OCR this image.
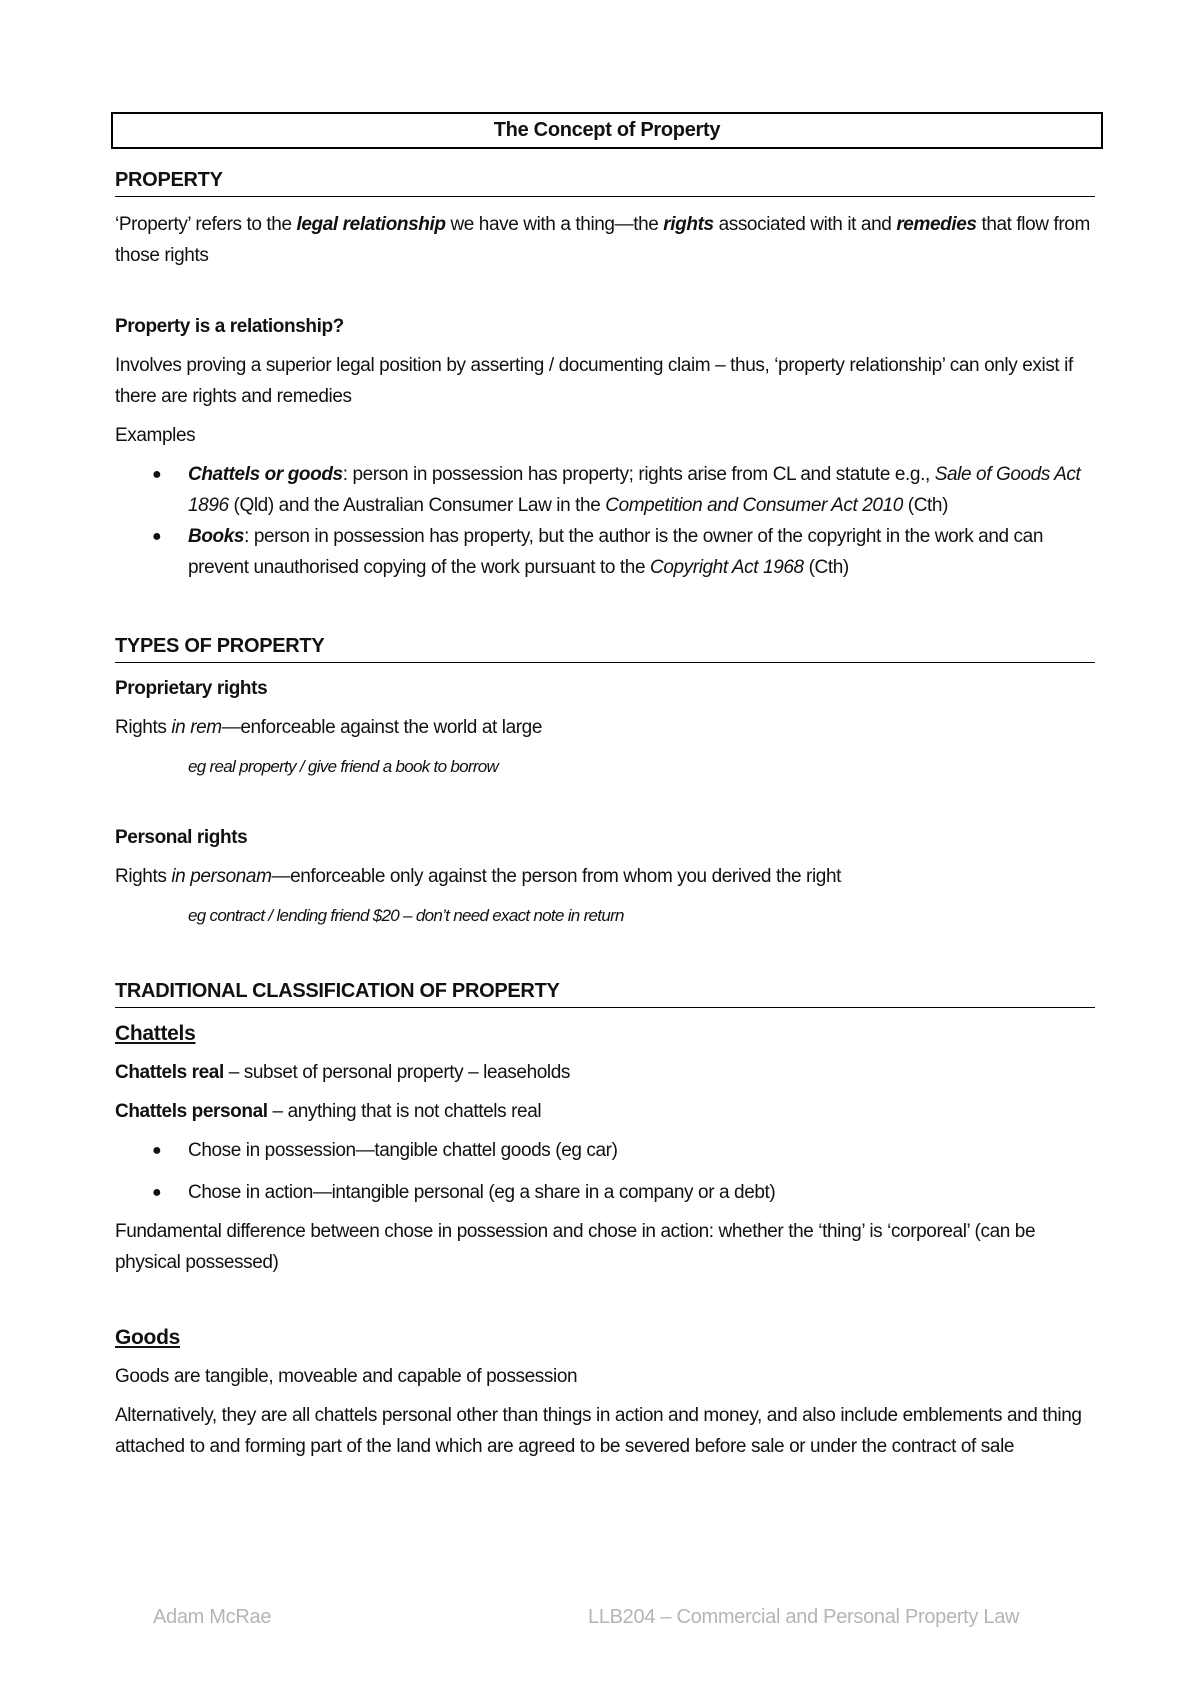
The Concept of Property
PROPERTY

‘Property’ refers to the legal relationship we have with a thing—the rights associated with it and remedies that flow from those rights

Property is a relationship?

Involves proving a superior legal position by asserting / documenting claim – thus, ‘property relationship’ can only exist if there are rights and remedies

Examples

● Chattels or goods: person in possession has property; rights arise from CL and statute e.g., Sale of Goods Act 1896 (Qld) and the Australian Consumer Law in the Competition and Consumer Act 2010 (Cth)
● Books: person in possession has property, but the author is the owner of the copyright in the work and can prevent unauthorised copying of the work pursuant to the Copyright Act 1968 (Cth)
TYPES OF PROPERTY
Proprietary rights

Rights in rem—enforceable against the world at large

eg real property / give friend a book to borrow

Personal rights

Rights in personam—enforceable only against the person from whom you derived the right

eg contract / lending friend $20 – don’t need exact note in return

TRADITIONAL CLASSIFICATION OF PROPERTY
Chattels

Chattels real – subset of personal property – leaseholds

Chattels personal – anything that is not chattels real

● Chose in possession—tangible chattel goods (eg car)
● Chose in action—intangible personal (eg a share in a company or a debt)

Fundamental difference between chose in possession and chose in action: whether the ‘thing’ is ‘corporeal’ (can be physical possessed)

Goods

Goods are tangible, moveable and capable of possession

Alternatively, they are all chattels personal other than things in action and money, and also include emblements and thing attached to and forming part of the land which are agreed to be severed before sale or under the contract of sale

Adam McRae	LLB204 – Commercial and Personal Property Law
